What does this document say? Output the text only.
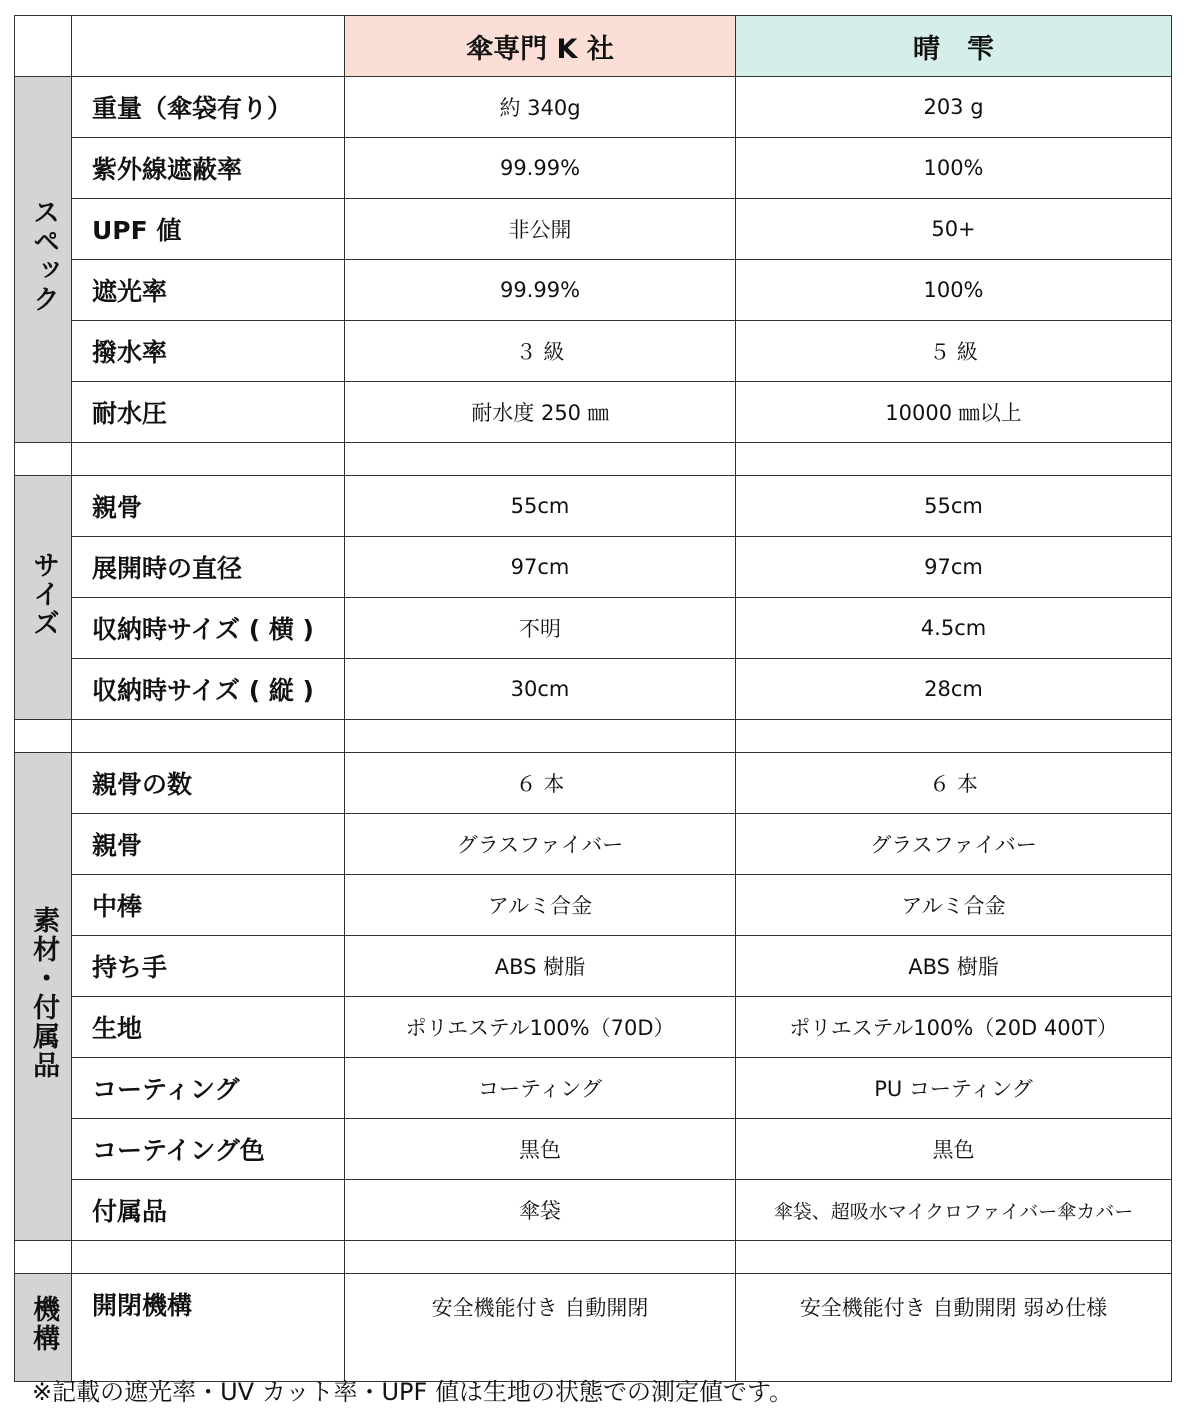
		傘専門 K 社	晴　雫
スペック	重量（傘袋有り）	約 340g	203 g
	紫外線遮蔽率	99.99%	100%
	UPF 値	非公開	50+
	遮光率	99.99%	100%
	撥水率	３ 級	５ 級
	耐水圧	耐水度 250 ㎜	10000 ㎜以上

サイズ	親骨	55cm	55cm
	展開時の直径	97cm	97cm
	収納時サイズ ( 横 )	不明	4.5cm
	収納時サイズ ( 縦 )	30cm	28cm

素材・付属品	親骨の数	６ 本	６ 本
	親骨	グラスファイバー	グラスファイバー
	中棒	アルミ合金	アルミ合金
	持ち手	ABS 樹脂	ABS 樹脂
	生地	ポリエステル100%（70D）	ポリエステル100%（20D 400T）
	コーティング	コーティング	PU コーティング
	コーテイング色	黒色	黒色
	付属品	傘袋	傘袋、超吸水マイクロファイバー傘カバー

機構	開閉機構	安全機能付き 自動開閉	安全機能付き 自動開閉 弱め仕様
※記載の遮光率・UV カット率・UPF 値は生地の状態での測定値です。
